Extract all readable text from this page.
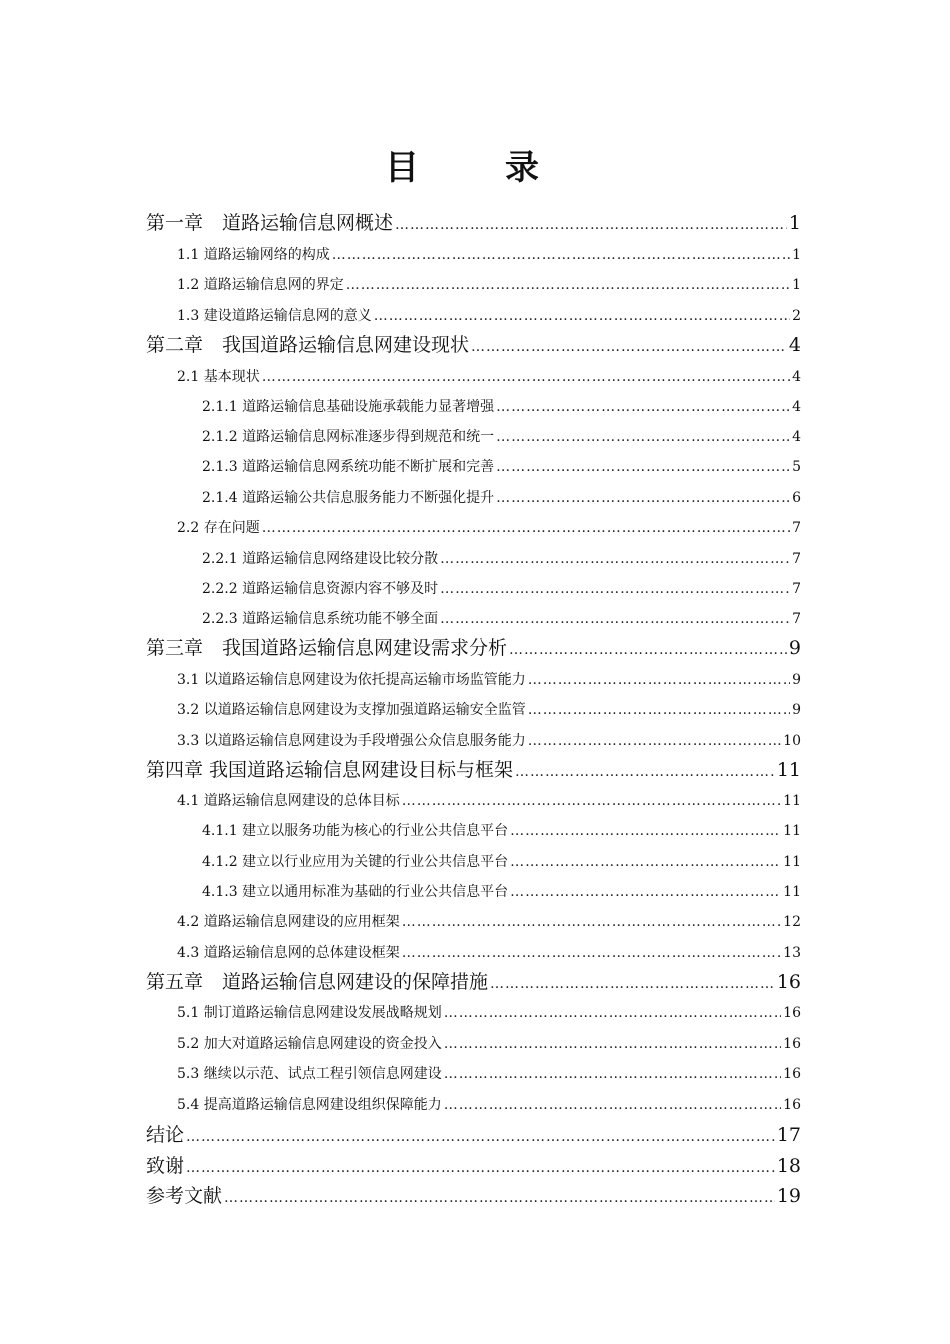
目　录
第一章　道路运输信息网概述 ……………………………………………………………………………………………………………………………………………………………………………………………………………………	1
1.1 道路运输网络的构成 ……………………………………………………………………………………………………………………………………………………………………………………………………………………	1
1.2 道路运输信息网的界定 ……………………………………………………………………………………………………………………………………………………………………………………………………………………	1
1.3 建设道路运输信息网的意义 ……………………………………………………………………………………………………………………………………………………………………………………………………………………	2
第二章　我国道路运输信息网建设现状 ……………………………………………………………………………………………………………………………………………………………………………………………………………………	4
2.1 基本现状 ……………………………………………………………………………………………………………………………………………………………………………………………………………………	4
2.1.1 道路运输信息基础设施承载能力显著增强 ……………………………………………………………………………………………………………………………………………………………………………………………………………………	4
2.1.2 道路运输信息网标准逐步得到规范和统一 ……………………………………………………………………………………………………………………………………………………………………………………………………………………	4
2.1.3 道路运输信息网系统功能不断扩展和完善 ……………………………………………………………………………………………………………………………………………………………………………………………………………………	5
2.1.4 道路运输公共信息服务能力不断强化提升 ……………………………………………………………………………………………………………………………………………………………………………………………………………………	6
2.2 存在问题 ……………………………………………………………………………………………………………………………………………………………………………………………………………………	7
2.2.1 道路运输信息网络建设比较分散 ……………………………………………………………………………………………………………………………………………………………………………………………………………………	7
2.2.2 道路运输信息资源内容不够及时 ……………………………………………………………………………………………………………………………………………………………………………………………………………………	7
2.2.3 道路运输信息系统功能不够全面 ……………………………………………………………………………………………………………………………………………………………………………………………………………………	7
第三章　我国道路运输信息网建设需求分析 ……………………………………………………………………………………………………………………………………………………………………………………………………………………	9
3.1 以道路运输信息网建设为依托提高运输市场监管能力 ……………………………………………………………………………………………………………………………………………………………………………………………………………………	9
3.2 以道路运输信息网建设为支撑加强道路运输安全监管 ……………………………………………………………………………………………………………………………………………………………………………………………………………………	9
3.3 以道路运输信息网建设为手段增强公众信息服务能力 ……………………………………………………………………………………………………………………………………………………………………………………………………………………	10
第四章 我国道路运输信息网建设目标与框架 ……………………………………………………………………………………………………………………………………………………………………………………………………………………	11
4.1 道路运输信息网建设的总体目标 ……………………………………………………………………………………………………………………………………………………………………………………………………………………	11
4.1.1 建立以服务功能为核心的行业公共信息平台 ……………………………………………………………………………………………………………………………………………………………………………………………………………………	11
4.1.2 建立以行业应用为关键的行业公共信息平台 ……………………………………………………………………………………………………………………………………………………………………………………………………………………	11
4.1.3 建立以通用标准为基础的行业公共信息平台 ……………………………………………………………………………………………………………………………………………………………………………………………………………………	11
4.2 道路运输信息网建设的应用框架 ……………………………………………………………………………………………………………………………………………………………………………………………………………………	12
4.3 道路运输信息网的总体建设框架 ……………………………………………………………………………………………………………………………………………………………………………………………………………………	13
第五章　道路运输信息网建设的保障措施 ……………………………………………………………………………………………………………………………………………………………………………………………………………………	16
5.1 制订道路运输信息网建设发展战略规划 ……………………………………………………………………………………………………………………………………………………………………………………………………………………	16
5.2 加大对道路运输信息网建设的资金投入 ……………………………………………………………………………………………………………………………………………………………………………………………………………………	16
5.3 继续以示范、试点工程引领信息网建设 ……………………………………………………………………………………………………………………………………………………………………………………………………………………	16
5.4 提高道路运输信息网建设组织保障能力 ……………………………………………………………………………………………………………………………………………………………………………………………………………………	16
结论 ……………………………………………………………………………………………………………………………………………………………………………………………………………………	17
致谢 ……………………………………………………………………………………………………………………………………………………………………………………………………………………	18
参考文献 ……………………………………………………………………………………………………………………………………………………………………………………………………………………	19
